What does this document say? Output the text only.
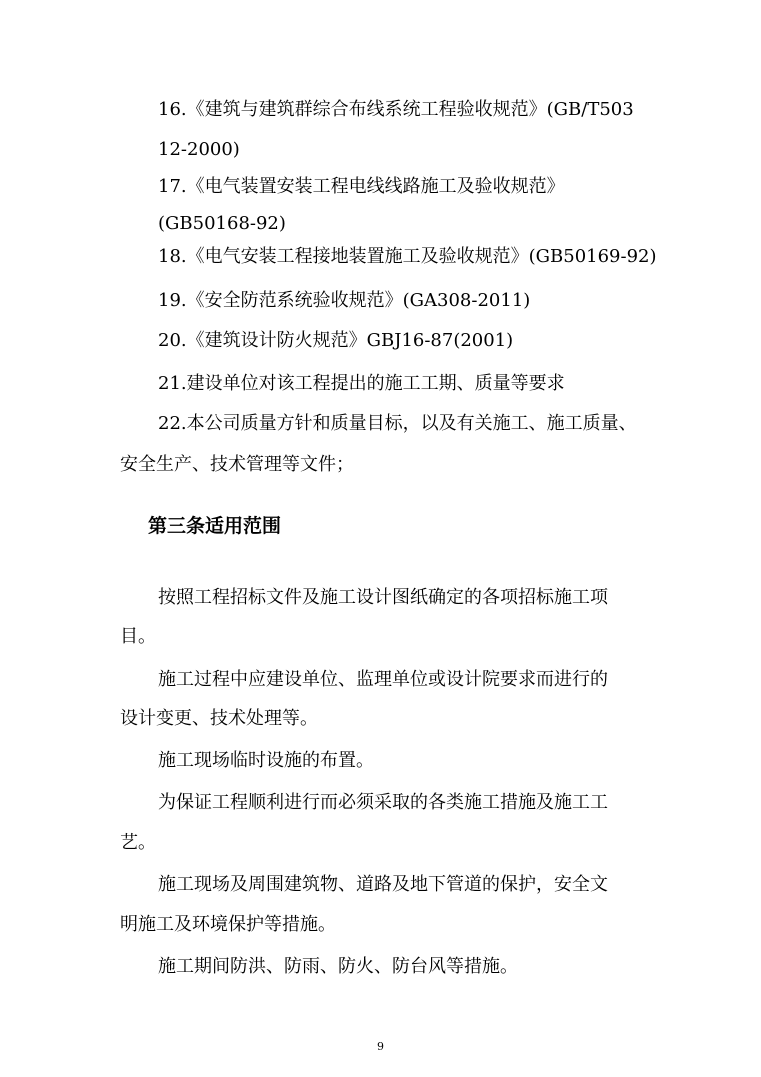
16.《建筑与建筑群综合布线系统工程验收规范》(GB/T503

12-2000)

17.《电气装置安装工程电线线路施工及验收规范》

(GB50168-92)

18.《电气安装工程接地装置施工及验收规范》(GB50169-92)

19.《安全防范系统验收规范》(GA308-2011)

20.《建筑设计防火规范》GBJ16-87(2001)

21.建设单位对该工程提出的施工工期、质量等要求

22.本公司质量方针和质量目标，以及有关施工、施工质量、

安全生产、技术管理等文件；

第三条适用范围

按照工程招标文件及施工设计图纸确定的各项招标施工项

目。

施工过程中应建设单位、监理单位或设计院要求而进行的

设计变更、技术处理等。

施工现场临时设施的布置。

为保证工程顺利进行而必须采取的各类施工措施及施工工

艺。

施工现场及周围建筑物、道路及地下管道的保护，安全文

明施工及环境保护等措施。

施工期间防洪、防雨、防火、防台风等措施。

9
